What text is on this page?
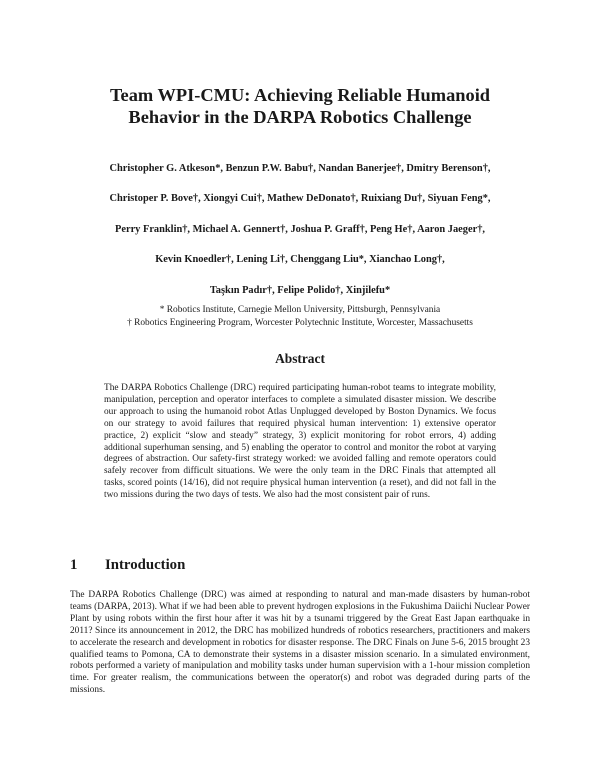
Team WPI-CMU: Achieving Reliable Humanoid
Behavior in the DARPA Robotics Challenge
Christopher G. Atkeson*, Benzun P.W. Babu†, Nandan Banerjee†, Dmitry Berenson†,
Christoper P. Bove†, Xiongyi Cui†, Mathew DeDonato†, Ruixiang Du†, Siyuan Feng*,
Perry Franklin†, Michael A. Gennert†, Joshua P. Graff†, Peng He†, Aaron Jaeger†,
Kevin Knoedler†, Lening Li†, Chenggang Liu*, Xianchao Long†,
Taşkın Padır†, Felipe Polido†, Xinjilefu*
* Robotics Institute, Carnegie Mellon University, Pittsburgh, Pennsylvania
† Robotics Engineering Program, Worcester Polytechnic Institute, Worcester, Massachusetts
Abstract
The DARPA Robotics Challenge (DRC) required participating human-robot teams to integrate mobility, manipulation, perception and operator interfaces to complete a simulated disaster mission. We describe our approach to using the humanoid robot Atlas Unplugged developed by Boston Dynamics. We focus on our strategy to avoid failures that required physical human intervention: 1) extensive operator practice, 2) explicit “slow and steady” strategy, 3) explicit monitoring for robot errors, 4) adding additional superhuman sensing, and 5) enabling the operator to control and monitor the robot at varying degrees of abstraction. Our safety-first strategy worked: we avoided falling and remote operators could safely recover from difficult situations. We were the only team in the DRC Finals that attempted all tasks, scored points (14/16), did not require physical human intervention (a reset), and did not fall in the two missions during the two days of tests. We also had the most consistent pair of runs.
1 Introduction
The DARPA Robotics Challenge (DRC) was aimed at responding to natural and man-made disasters by human-robot teams (DARPA, 2013). What if we had been able to prevent hydrogen explosions in the Fukushima Daiichi Nuclear Power Plant by using robots within the first hour after it was hit by a tsunami triggered by the Great East Japan earthquake in 2011? Since its announcement in 2012, the DRC has mobilized hundreds of robotics researchers, practitioners and makers to accelerate the research and development in robotics for disaster response. The DRC Finals on June 5-6, 2015 brought 23 qualified teams to Pomona, CA to demonstrate their systems in a disaster mission scenario. In a simulated environment, robots performed a variety of manipulation and mobility tasks under human supervision with a 1-hour mission completion time. For greater realism, the communications between the operator(s) and robot was degraded during parts of the missions.
